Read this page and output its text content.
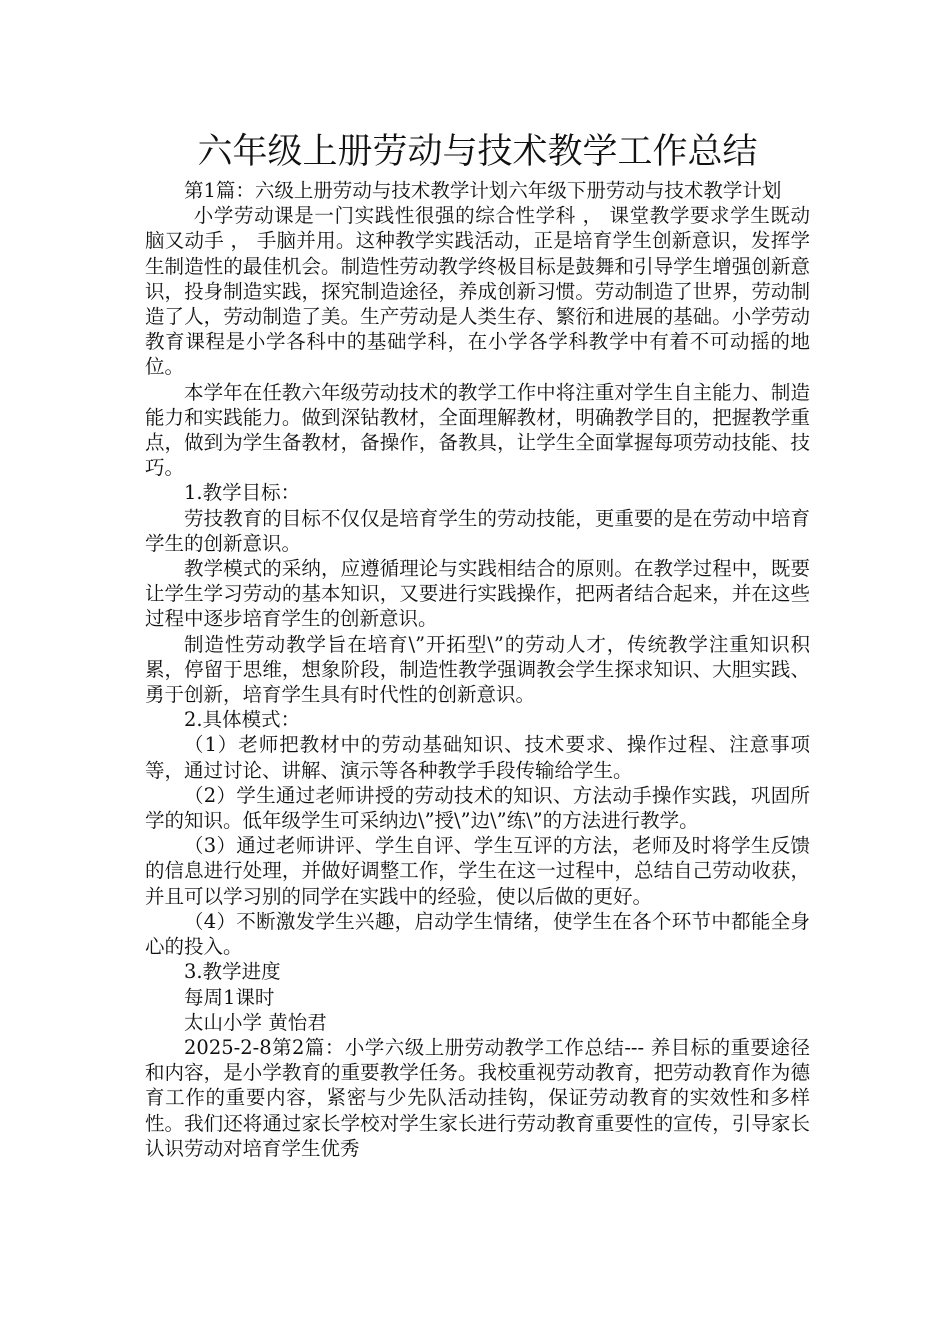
六年级上册劳动与技术教学工作总结

第1篇：六级上册劳动与技术教学计划六年级下册劳动与技术教学计划

小学劳动课是一门实践性很强的综合性学科 ， 课堂教学要求学生既动脑又动手 ， 手脑并用。这种教学实践活动，正是培育学生创新意识，发挥学生制造性的最佳机会。制造性劳动教学终极目标是鼓舞和引导学生增强创新意识，投身制造实践，探究制造途径，养成创新习惯。劳动制造了世界，劳动制造了人，劳动制造了美。生产劳动是人类生存、繁衍和进展的基础。小学劳动教育课程是小学各科中的基础学科，在小学各学科教学中有着不可动摇的地位。

本学年在任教六年级劳动技术的教学工作中将注重对学生自主能力、制造能力和实践能力。做到深钻教材，全面理解教材，明确教学目的，把握教学重点，做到为学生备教材，备操作，备教具，让学生全面掌握每项劳动技能、技巧。

1.教学目标：

劳技教育的目标不仅仅是培育学生的劳动技能，更重要的是在劳动中培育学生的创新意识。

教学模式的采纳，应遵循理论与实践相结合的原则。在教学过程中，既要让学生学习劳动的基本知识，又要进行实践操作，把两者结合起来，并在这些过程中逐步培育学生的创新意识。

制造性劳动教学旨在培育\”开拓型\”的劳动人才，传统教学注重知识积累，停留于思维，想象阶段，制造性教学强调教会学生探求知识、大胆实践、勇于创新，培育学生具有时代性的创新意识。

2.具体模式：

（1）老师把教材中的劳动基础知识、技术要求、操作过程、注意事项等，通过讨论、讲解、演示等各种教学手段传输给学生。

（2）学生通过老师讲授的劳动技术的知识、方法动手操作实践，巩固所学的知识。低年级学生可采纳边\”授\”边\”练\”的方法进行教学。

（3）通过老师讲评、学生自评、学生互评的方法，老师及时将学生反馈的信息进行处理，并做好调整工作，学生在这一过程中，总结自己劳动收获，并且可以学习别的同学在实践中的经验，使以后做的更好。

（4）不断激发学生兴趣，启动学生情绪，使学生在各个环节中都能全身心的投入。

3.教学进度

每周1课时

太山小学 黄怡君

2025-2-8第2篇：小学六级上册劳动教学工作总结--- 养目标的重要途径和内容，是小学教育的重要教学任务。我校重视劳动教育，把劳动教育作为德育工作的重要内容，紧密与少先队活动挂钩，保证劳动教育的实效性和多样性。我们还将通过家长学校对学生家长进行劳动教育重要性的宣传，引导家长认识劳动对培育学生优秀
